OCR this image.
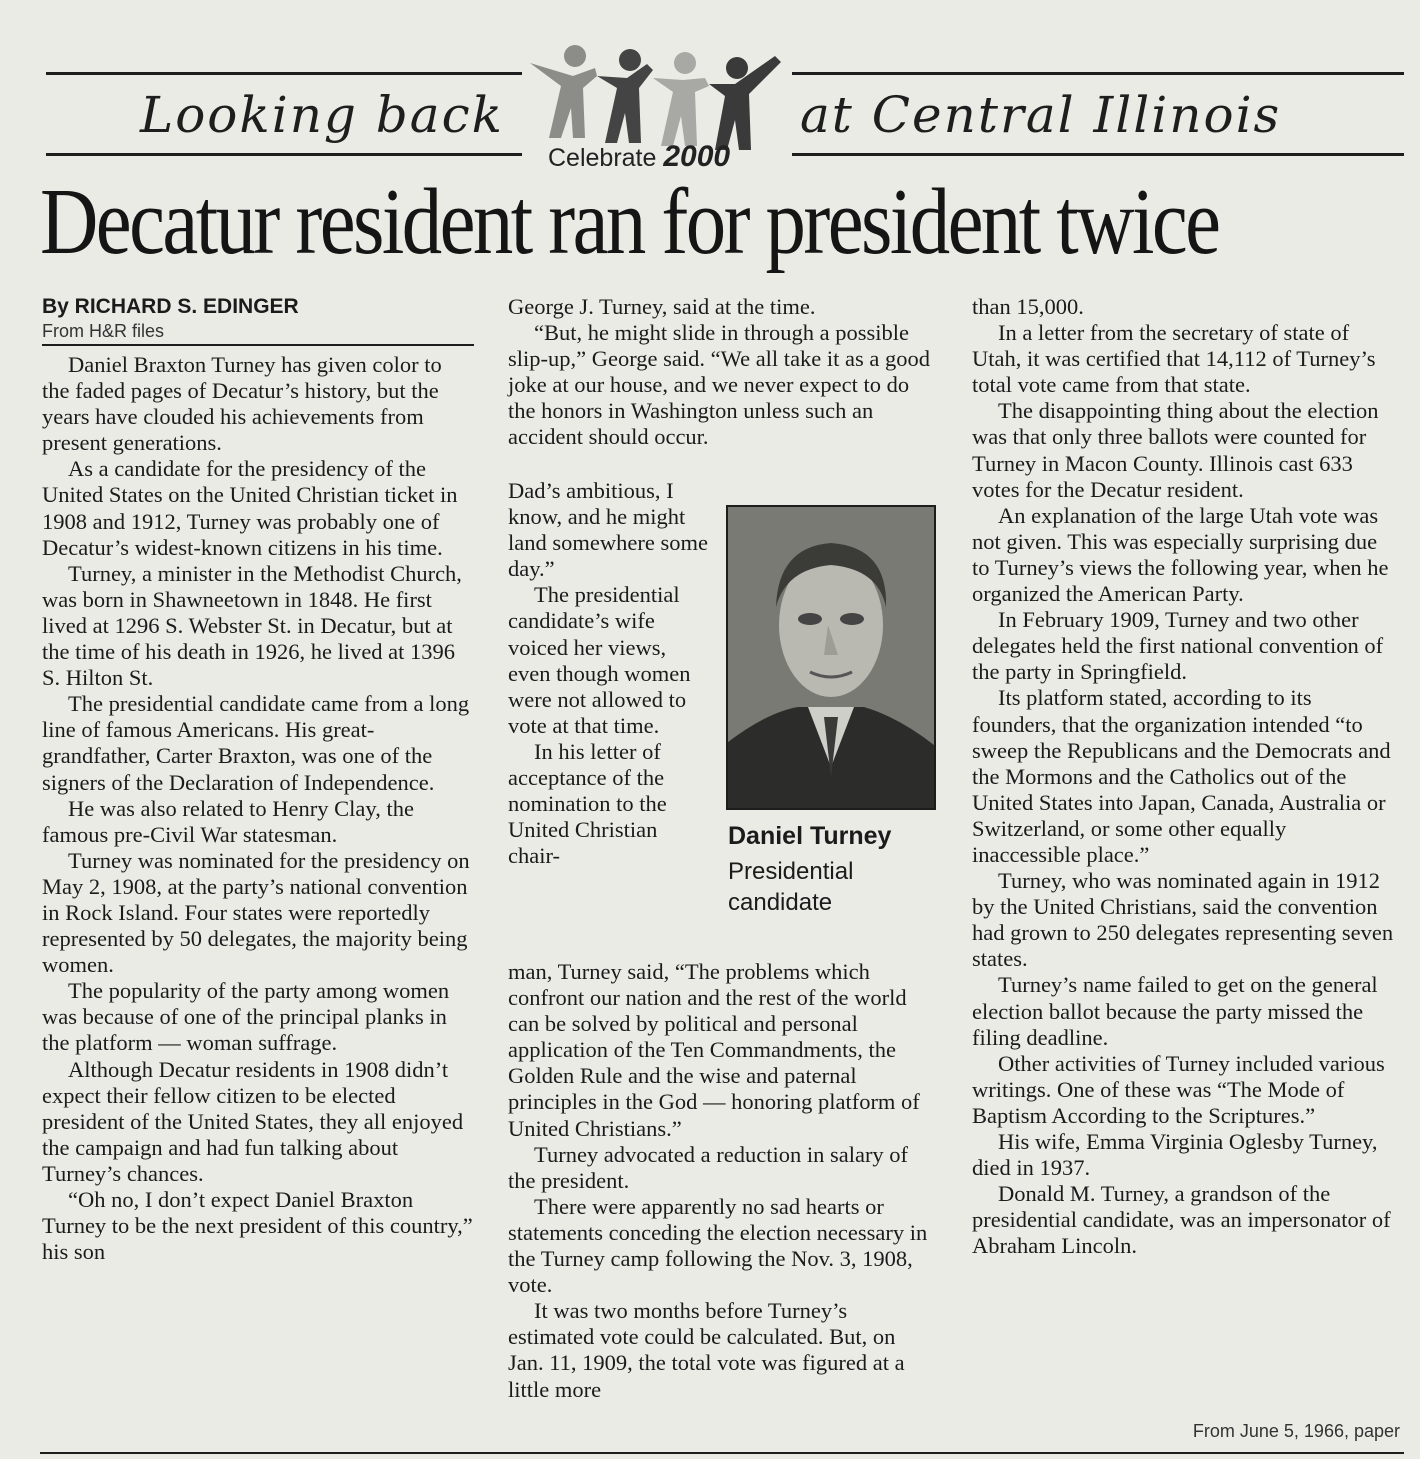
Looking back	at Central Illinois
Celebrate 2000
Decatur resident ran for president twice
By RICHARD S. EDINGER
From H&R files

Daniel Braxton Turney has given color to the faded pages of Decatur’s history, but the years have clouded his achievements from present generations.

As a candidate for the presidency of the United States on the United Christian ticket in 1908 and 1912, Turney was probably one of Decatur’s widest-known citizens in his time.

Turney, a minister in the Methodist Church, was born in Shawneetown in 1848. He first lived at 1296 S. Webster St. in Decatur, but at the time of his death in 1926, he lived at 1396 S. Hilton St.

The presidential candidate came from a long line of famous Americans. His great-grandfather, Carter Braxton, was one of the signers of the Declaration of Independence.

He was also related to Henry Clay, the famous pre-Civil War statesman.

Turney was nominated for the presidency on May 2, 1908, at the party’s national convention in Rock Island. Four states were reportedly represented by 50 delegates, the majority being women.

The popularity of the party among women was because of one of the principal planks in the platform — woman suffrage.

Although Decatur residents in 1908 didn’t expect their fellow citizen to be elected president of the United States, they all enjoyed the campaign and had fun talking about Turney’s chances.

“Oh no, I don’t expect Daniel Braxton Turney to be the next president of this country,” his son

George J. Turney, said at the time.

“But, he might slide in through a possible slip-up,” George said. “We all take it as a good joke at our house, and we never expect to do the honors in Washington unless such an accident should occur.

Dad’s ambitious, I know, and he might land somewhere some day.”

The presidential candidate’s wife voiced her views, even though women were not allowed to vote at that time.

In his letter of acceptance of the nomination to the United Christian chair-

man, Turney said, “The problems which confront our nation and the rest of the world can be solved by political and personal application of the Ten Commandments, the Golden Rule and the wise and paternal principles in the God — honoring platform of United Christians.”

Turney advocated a reduction in salary of the president.

There were apparently no sad hearts or statements conceding the election necessary in the Turney camp following the Nov. 3, 1908, vote.

It was two months before Turney’s estimated vote could be calculated. But, on Jan. 11, 1909, the total vote was figured at a little more

Daniel Turney
Presidential candidate

than 15,000.

In a letter from the secretary of state of Utah, it was certified that 14,112 of Turney’s total vote came from that state.

The disappointing thing about the election was that only three ballots were counted for Turney in Macon County. Illinois cast 633 votes for the Decatur resident.

An explanation of the large Utah vote was not given. This was especially surprising due to Turney’s views the following year, when he organized the American Party.

In February 1909, Turney and two other delegates held the first national convention of the party in Springfield.

Its platform stated, according to its founders, that the organization intended “to sweep the Republicans and the Democrats and the Mormons and the Catholics out of the United States into Japan, Canada, Australia or Switzerland, or some other equally inaccessible place.”

Turney, who was nominated again in 1912 by the United Christians, said the convention had grown to 250 delegates representing seven states.

Turney’s name failed to get on the general election ballot because the party missed the filing deadline.

Other activities of Turney included various writings. One of these was “The Mode of Baptism According to the Scriptures.”

His wife, Emma Virginia Oglesby Turney, died in 1937.

Donald M. Turney, a grandson of the presidential candidate, was an impersonator of Abraham Lincoln.

From June 5, 1966, paper
